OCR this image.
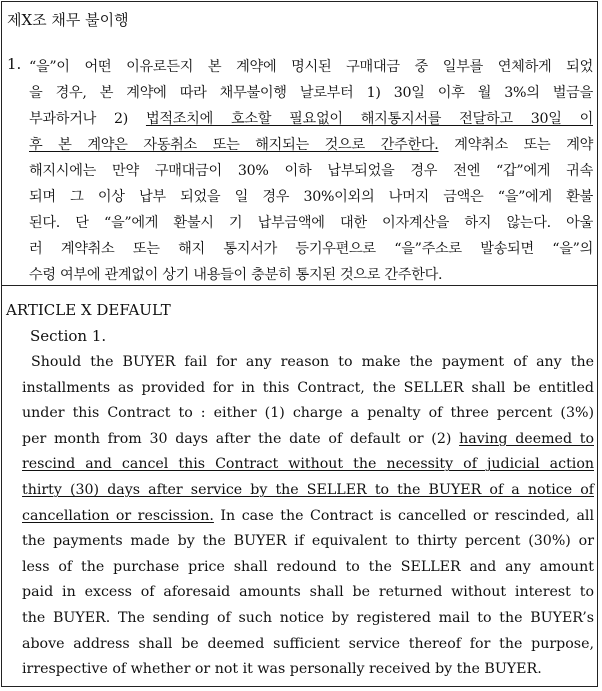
제X조 채무 불이행
1. “을”이 어떤 이유로든지 본 계약에 명시된 구매대금 중 일부를 연체하게 되었
을 경우, 본 계약에 따라 채무불이행 날로부터 1) 30일 이후 월 3%의 벌금을
부과하거나 2) 법적조치에 호소할 필요없이 해지통지서를 전달하고 30일 이
후 본 계약은 자동취소 또는 해지되는 것으로 간주한다. 계약취소 또는 계약
해지시에는 만약 구매대금이 30% 이하 납부되었을 경우 전엔 “갑”에게 귀속
되며 그 이상 납부 되었을 일 경우 30%이외의 나머지 금액은 “을”에게 환불
된다. 단 “을”에게 환불시 기 납부금액에 대한 이자계산을 하지 않는다. 아울
러 계약취소 또는 해지 통지서가 등기우편으로 “을”주소로 발송되면 “을”의
수령 여부에 관계없이 상기 내용들이 충분히 통지된 것으로 간주한다.
ARTICLE X DEFAULT
Section 1.
Should the BUYER fail for any reason to make the payment of any the
installments as provided for in this Contract, the SELLER shall be entitled
under this Contract to : either (1) charge a penalty of three percent (3%)
per month from 30 days after the date of default or (2) having deemed to
rescind and cancel this Contract without the necessity of judicial action
thirty (30) days after service by the SELLER to the BUYER of a notice of
cancellation or rescission. In case the Contract is cancelled or rescinded, all
the payments made by the BUYER if equivalent to thirty percent (30%) or
less of the purchase price shall redound to the SELLER and any amount
paid in excess of aforesaid amounts shall be returned without interest to
the BUYER. The sending of such notice by registered mail to the BUYER’s
above address shall be deemed sufficient service thereof for the purpose,
irrespective of whether or not it was personally received by the BUYER.
